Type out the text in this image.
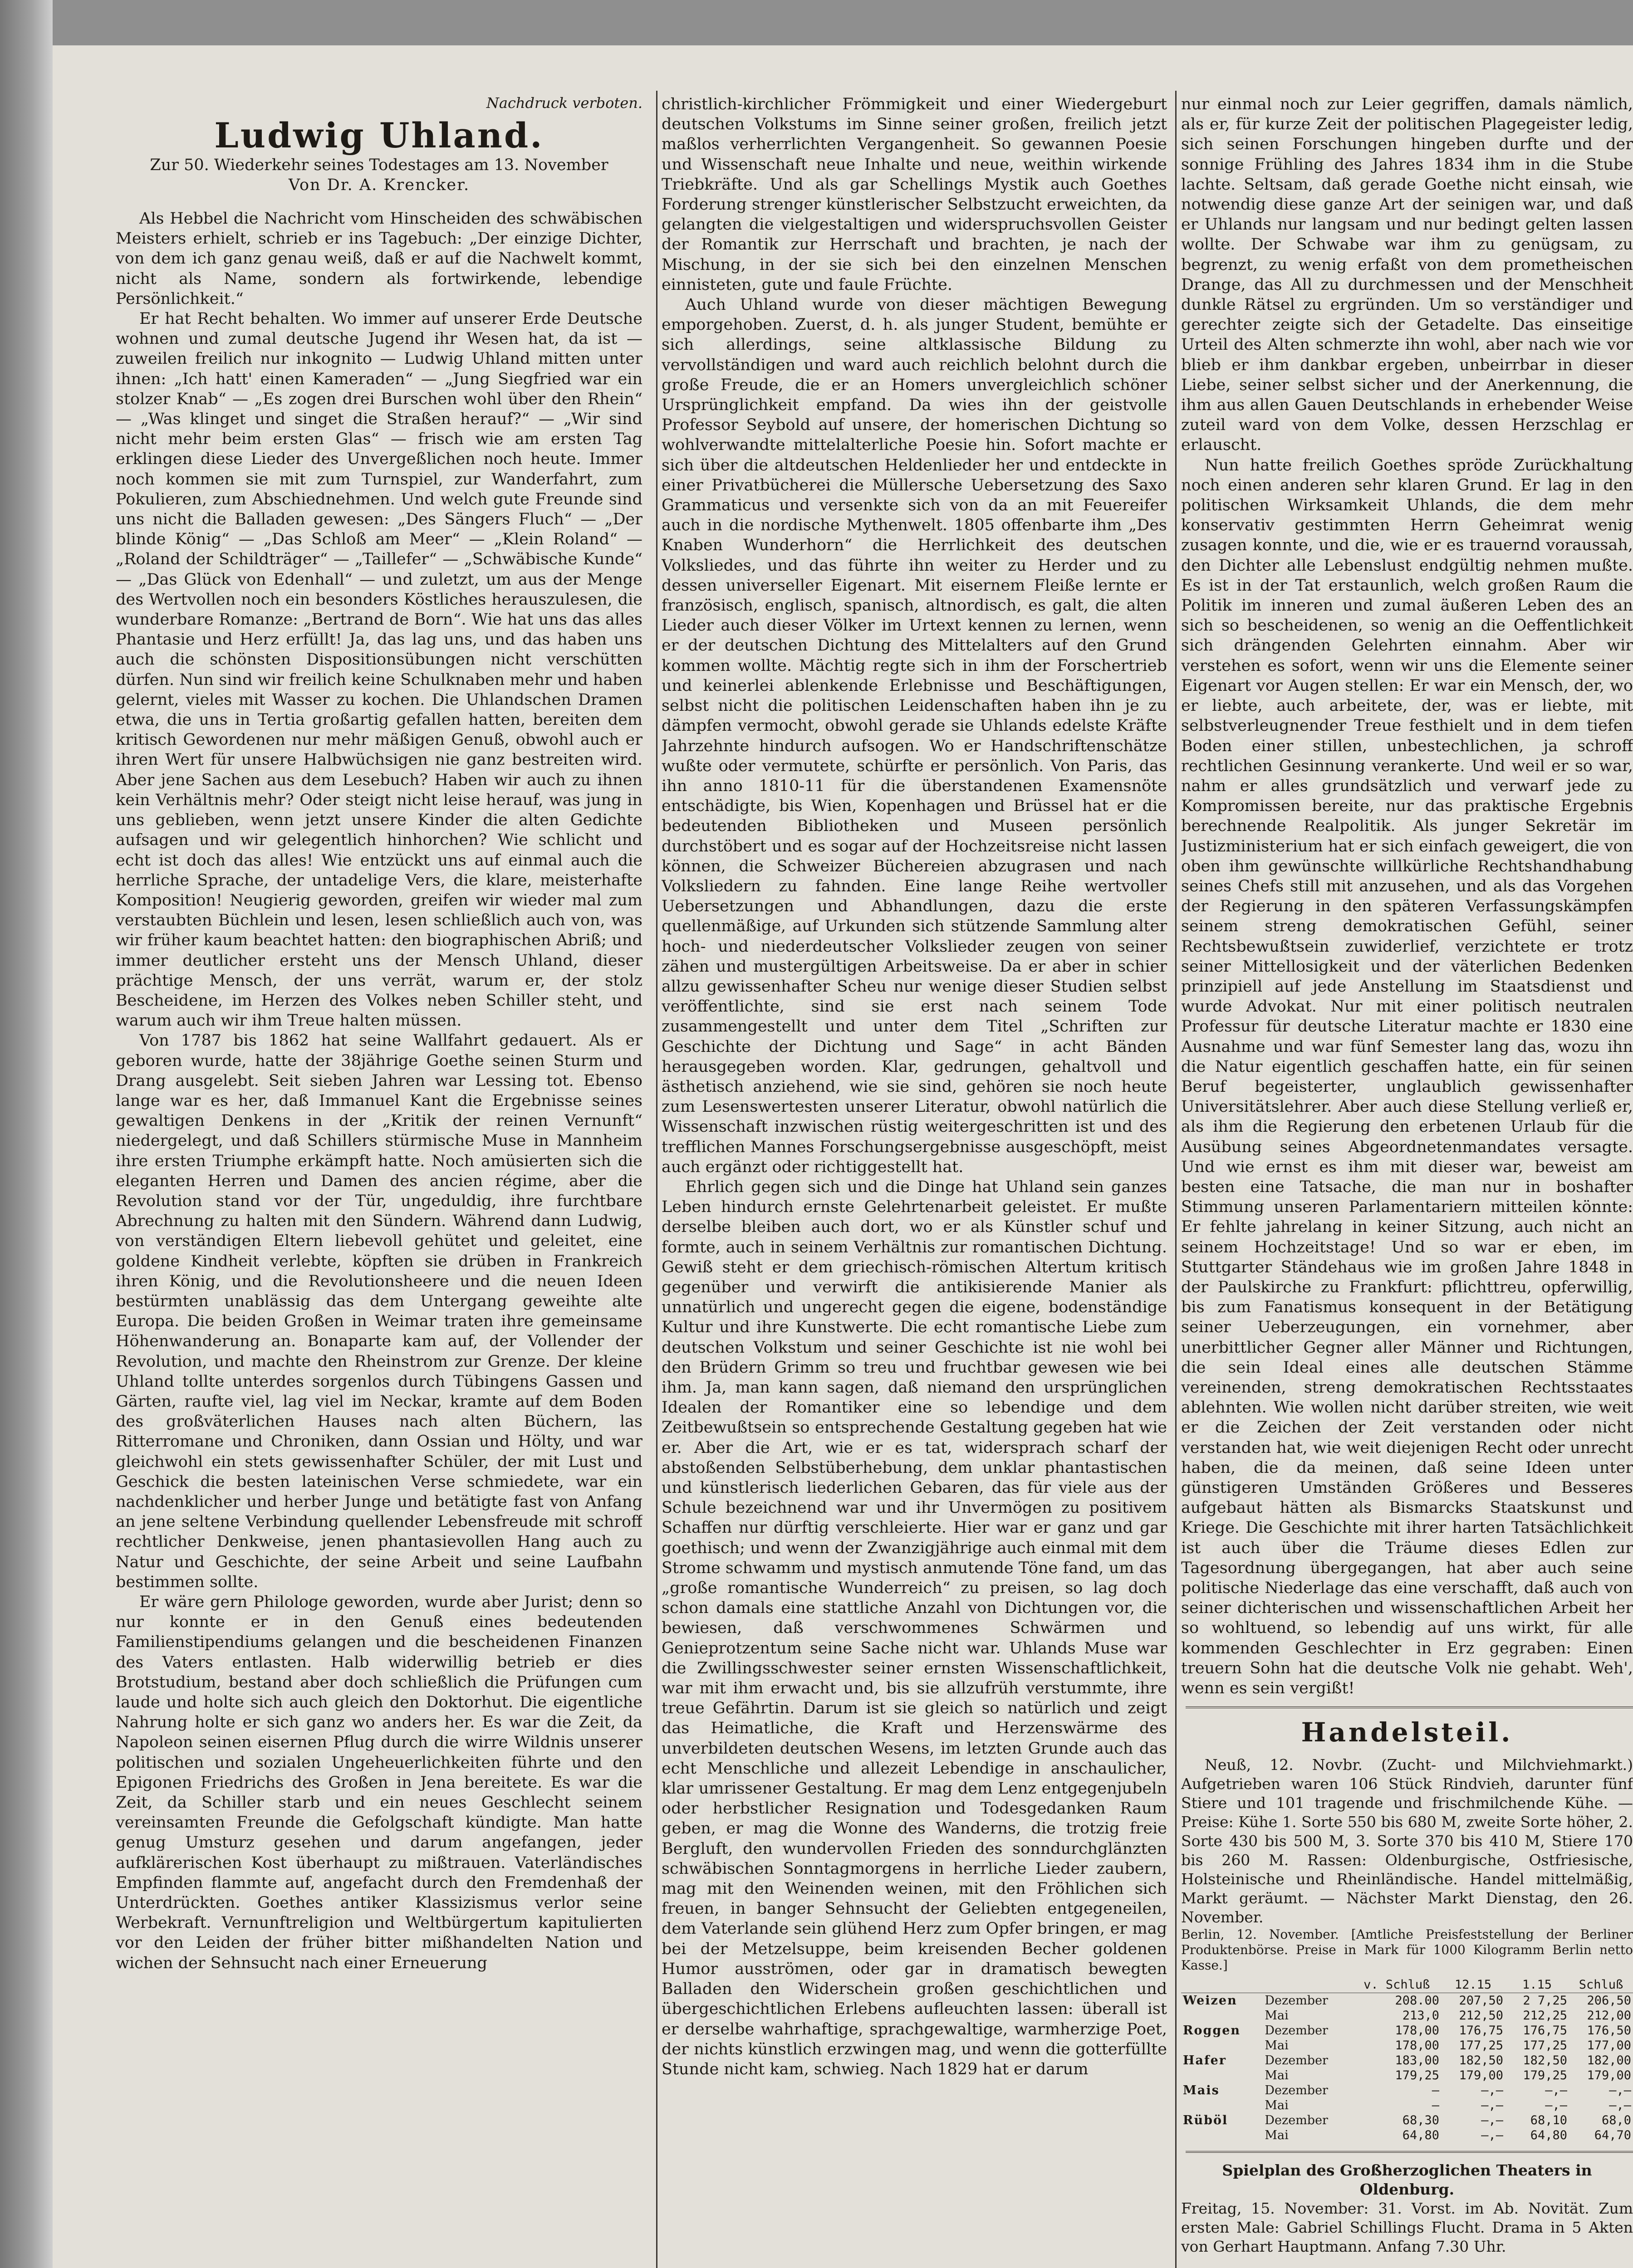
Nachdruck verboten.
Ludwig Uhland.
Zur 50. Wiederkehr seines Todestages am 13. November
Von Dr. A. Krencker.

Als Hebbel die Nachricht vom Hinscheiden des schwäbischen Meisters erhielt, schrieb er ins Tagebuch: „Der einzige Dichter, von dem ich ganz genau weiß, daß er auf die Nachwelt kommt, nicht als Name, sondern als fortwirkende, lebendige Persönlichkeit.“

Er hat Recht behalten. Wo immer auf unserer Erde Deutsche wohnen und zumal deutsche Jugend ihr Wesen hat, da ist — zuweilen freilich nur inkognito — Ludwig Uhland mitten unter ihnen: „Ich hatt' einen Kameraden“ — „Jung Siegfried war ein stolzer Knab“ — „Es zogen drei Burschen wohl über den Rhein“ — „Was klinget und singet die Straßen herauf?“ — „Wir sind nicht mehr beim ersten Glas“ — frisch wie am ersten Tag erklingen diese Lieder des Unvergeßlichen noch heute. Immer noch kommen sie mit zum Turnspiel, zur Wanderfahrt, zum Pokulieren, zum Abschiednehmen. Und welch gute Freunde sind uns nicht die Balladen gewesen: „Des Sängers Fluch“ — „Der blinde König“ — „Das Schloß am Meer“ — „Klein Roland“ — „Roland der Schildträger“ — „Taillefer“ — „Schwäbische Kunde“ — „Das Glück von Edenhall“ — und zuletzt, um aus der Menge des Wertvollen noch ein besonders Köstliches herauszulesen, die wunderbare Romanze: „Bertrand de Born“. Wie hat uns das alles Phantasie und Herz erfüllt! Ja, das lag uns, und das haben uns auch die schönsten Dispositionsübungen nicht verschütten dürfen. Nun sind wir freilich keine Schulknaben mehr und haben gelernt, vieles mit Wasser zu kochen. Die Uhlandschen Dramen etwa, die uns in Tertia großartig gefallen hatten, bereiten dem kritisch Gewordenen nur mehr mäßigen Genuß, obwohl auch er ihren Wert für unsere Halbwüchsigen nie ganz bestreiten wird. Aber jene Sachen aus dem Lesebuch? Haben wir auch zu ihnen kein Verhältnis mehr? Oder steigt nicht leise herauf, was jung in uns geblieben, wenn jetzt unsere Kinder die alten Gedichte aufsagen und wir gelegentlich hinhorchen? Wie schlicht und echt ist doch das alles! Wie entzückt uns auf einmal auch die herrliche Sprache, der untadelige Vers, die klare, meisterhafte Komposition! Neugierig geworden, greifen wir wieder mal zum verstaubten Büchlein und lesen, lesen schließlich auch von, was wir früher kaum beachtet hatten: den biographischen Abriß; und immer deutlicher ersteht uns der Mensch Uhland, dieser prächtige Mensch, der uns verrät, warum er, der stolz Bescheidene, im Herzen des Volkes neben Schiller steht, und warum auch wir ihm Treue halten müssen.

Von 1787 bis 1862 hat seine Wallfahrt gedauert. Als er geboren wurde, hatte der 38jährige Goethe seinen Sturm und Drang ausgelebt. Seit sieben Jahren war Lessing tot. Ebenso lange war es her, daß Immanuel Kant die Ergebnisse seines gewaltigen Denkens in der „Kritik der reinen Vernunft“ niedergelegt, und daß Schillers stürmische Muse in Mannheim ihre ersten Triumphe erkämpft hatte. Noch amüsierten sich die eleganten Herren und Damen des ancien régime, aber die Revolution stand vor der Tür, ungeduldig, ihre furchtbare Abrechnung zu halten mit den Sündern. Während dann Ludwig, von verständigen Eltern liebevoll gehütet und geleitet, eine goldene Kindheit verlebte, köpften sie drüben in Frankreich ihren König, und die Revolutionsheere und die neuen Ideen bestürmten unablässig das dem Untergang geweihte alte Europa. Die beiden Großen in Weimar traten ihre gemeinsame Höhenwanderung an. Bonaparte kam auf, der Vollender der Revolution, und machte den Rheinstrom zur Grenze. Der kleine Uhland tollte unterdes sorgenlos durch Tübingens Gassen und Gärten, raufte viel, lag viel im Neckar, kramte auf dem Boden des großväterlichen Hauses nach alten Büchern, las Ritterromane und Chroniken, dann Ossian und Hölty, und war gleichwohl ein stets gewissenhafter Schüler, der mit Lust und Geschick die besten lateinischen Verse schmiedete, war ein nachdenklicher und herber Junge und betätigte fast von Anfang an jene seltene Verbindung quellender Lebensfreude mit schroff rechtlicher Denkweise, jenen phantasievollen Hang auch zu Natur und Geschichte, der seine Arbeit und seine Laufbahn bestimmen sollte.

Er wäre gern Philologe geworden, wurde aber Jurist; denn so nur konnte er in den Genuß eines bedeutenden Familienstipendiums gelangen und die bescheidenen Finanzen des Vaters entlasten. Halb widerwillig betrieb er dies Brotstudium, bestand aber doch schließlich die Prüfungen cum laude und holte sich auch gleich den Doktorhut. Die eigentliche Nahrung holte er sich ganz wo anders her. Es war die Zeit, da Napoleon seinen eisernen Pflug durch die wirre Wildnis unserer politischen und sozialen Ungeheuerlichkeiten führte und den Epigonen Friedrichs des Großen in Jena bereitete. Es war die Zeit, da Schiller starb und ein neues Geschlecht seinem vereinsamten Freunde die Gefolgschaft kündigte. Man hatte genug Umsturz gesehen und darum angefangen, jeder aufklärerischen Kost überhaupt zu mißtrauen. Vaterländisches Empfinden flammte auf, angefacht durch den Fremdenhaß der Unterdrückten. Goethes antiker Klassizismus verlor seine Werbekraft. Vernunftreligion und Weltbürgertum kapitulierten vor den Leiden der früher bitter mißhandelten Nation und wichen der Sehnsucht nach einer Erneuerung

christlich-kirchlicher Frömmigkeit und einer Wiedergeburt deutschen Volkstums im Sinne seiner großen, freilich jetzt maßlos verherrlichten Vergangenheit. So gewannen Poesie und Wissenschaft neue Inhalte und neue, weithin wirkende Triebkräfte. Und als gar Schellings Mystik auch Goethes Forderung strenger künstlerischer Selbstzucht erweichten, da gelangten die vielgestaltigen und widerspruchsvollen Geister der Romantik zur Herrschaft und brachten, je nach der Mischung, in der sie sich bei den einzelnen Menschen einnisteten, gute und faule Früchte.

Auch Uhland wurde von dieser mächtigen Bewegung emporgehoben. Zuerst, d. h. als junger Student, bemühte er sich allerdings, seine altklassische Bildung zu vervollständigen und ward auch reichlich belohnt durch die große Freude, die er an Homers unvergleichlich schöner Ursprünglichkeit empfand. Da wies ihn der geistvolle Professor Seybold auf unsere, der homerischen Dichtung so wohlverwandte mittelalterliche Poesie hin. Sofort machte er sich über die altdeutschen Heldenlieder her und entdeckte in einer Privatbücherei die Müllersche Uebersetzung des Saxo Grammaticus und versenkte sich von da an mit Feuereifer auch in die nordische Mythenwelt. 1805 offenbarte ihm „Des Knaben Wunderhorn“ die Herrlichkeit des deutschen Volksliedes, und das führte ihn weiter zu Herder und zu dessen universeller Eigenart. Mit eisernem Fleiße lernte er französisch, englisch, spanisch, altnordisch, es galt, die alten Lieder auch dieser Völker im Urtext kennen zu lernen, wenn er der deutschen Dichtung des Mittelalters auf den Grund kommen wollte. Mächtig regte sich in ihm der Forschertrieb und keinerlei ablenkende Erlebnisse und Beschäftigungen, selbst nicht die politischen Leidenschaften haben ihn je zu dämpfen vermocht, obwohl gerade sie Uhlands edelste Kräfte Jahrzehnte hindurch aufsogen. Wo er Handschriftenschätze wußte oder vermutete, schürfte er persönlich. Von Paris, das ihn anno 1810-11 für die überstandenen Examensnöte entschädigte, bis Wien, Kopenhagen und Brüssel hat er die bedeutenden Bibliotheken und Museen persönlich durchstöbert und es sogar auf der Hochzeitsreise nicht lassen können, die Schweizer Büchereien abzugrasen und nach Volksliedern zu fahnden. Eine lange Reihe wertvoller Uebersetzungen und Abhandlungen, dazu die erste quellenmäßige, auf Urkunden sich stützende Sammlung alter hoch- und niederdeutscher Volkslieder zeugen von seiner zähen und mustergültigen Arbeitsweise. Da er aber in schier allzu gewissenhafter Scheu nur wenige dieser Studien selbst veröffentlichte, sind sie erst nach seinem Tode zusammengestellt und unter dem Titel „Schriften zur Geschichte der Dichtung und Sage“ in acht Bänden herausgegeben worden. Klar, gedrungen, gehaltvoll und ästhetisch anziehend, wie sie sind, gehören sie noch heute zum Lesenswertesten unserer Literatur, obwohl natürlich die Wissenschaft inzwischen rüstig weitergeschritten ist und des trefflichen Mannes Forschungsergebnisse ausgeschöpft, meist auch ergänzt oder richtiggestellt hat.

Ehrlich gegen sich und die Dinge hat Uhland sein ganzes Leben hindurch ernste Gelehrtenarbeit geleistet. Er mußte derselbe bleiben auch dort, wo er als Künstler schuf und formte, auch in seinem Verhältnis zur romantischen Dichtung. Gewiß steht er dem griechisch-römischen Altertum kritisch gegenüber und verwirft die antikisierende Manier als unnatürlich und ungerecht gegen die eigene, bodenständige Kultur und ihre Kunstwerte. Die echt romantische Liebe zum deutschen Volkstum und seiner Geschichte ist nie wohl bei den Brüdern Grimm so treu und fruchtbar gewesen wie bei ihm. Ja, man kann sagen, daß niemand den ursprünglichen Idealen der Romantiker eine so lebendige und dem Zeitbewußtsein so entsprechende Gestaltung gegeben hat wie er. Aber die Art, wie er es tat, widersprach scharf der abstoßenden Selbstüberhebung, dem unklar phantastischen und künstlerisch liederlichen Gebaren, das für viele aus der Schule bezeichnend war und ihr Unvermögen zu positivem Schaffen nur dürftig verschleierte. Hier war er ganz und gar goethisch; und wenn der Zwanzigjährige auch einmal mit dem Strome schwamm und mystisch anmutende Töne fand, um das „große romantische Wunderreich“ zu preisen, so lag doch schon damals eine stattliche Anzahl von Dichtungen vor, die bewiesen, daß verschwommenes Schwärmen und Genieprotzentum seine Sache nicht war. Uhlands Muse war die Zwillingsschwester seiner ernsten Wissenschaftlichkeit, war mit ihm erwacht und, bis sie allzufrüh verstummte, ihre treue Gefährtin. Darum ist sie gleich so natürlich und zeigt das Heimatliche, die Kraft und Herzenswärme des unverbildeten deutschen Wesens, im letzten Grunde auch das echt Menschliche und allezeit Lebendige in anschaulicher, klar umrissener Gestaltung. Er mag dem Lenz entgegenjubeln oder herbstlicher Resignation und Todesgedanken Raum geben, er mag die Wonne des Wanderns, die trotzig freie Bergluft, den wundervollen Frieden des sonndurchglänzten schwäbischen Sonntagmorgens in herrliche Lieder zaubern, mag mit den Weinenden weinen, mit den Fröhlichen sich freuen, in banger Sehnsucht der Geliebten entgegeneilen, dem Vaterlande sein glühend Herz zum Opfer bringen, er mag bei der Metzelsuppe, beim kreisenden Becher goldenen Humor ausströmen, oder gar in dramatisch bewegten Balladen den Widerschein großen geschichtlichen und übergeschichtlichen Erlebens aufleuchten lassen: überall ist er derselbe wahrhaftige, sprachgewaltige, warmherzige Poet, der nichts künstlich erzwingen mag, und wenn die gotterfüllte Stunde nicht kam, schwieg. Nach 1829 hat er darum

nur einmal noch zur Leier gegriffen, damals nämlich, als er, für kurze Zeit der politischen Plagegeister ledig, sich seinen Forschungen hingeben durfte und der sonnige Frühling des Jahres 1834 ihm in die Stube lachte. Seltsam, daß gerade Goethe nicht einsah, wie notwendig diese ganze Art der seinigen war, und daß er Uhlands nur langsam und nur bedingt gelten lassen wollte. Der Schwabe war ihm zu genügsam, zu begrenzt, zu wenig erfaßt von dem prometheischen Drange, das All zu durchmessen und der Menschheit dunkle Rätsel zu ergründen. Um so verständiger und gerechter zeigte sich der Getadelte. Das einseitige Urteil des Alten schmerzte ihn wohl, aber nach wie vor blieb er ihm dankbar ergeben, unbeirrbar in dieser Liebe, seiner selbst sicher und der Anerkennung, die ihm aus allen Gauen Deutschlands in erhebender Weise zuteil ward von dem Volke, dessen Herzschlag er erlauscht.

Nun hatte freilich Goethes spröde Zurückhaltung noch einen anderen sehr klaren Grund. Er lag in den politischen Wirksamkeit Uhlands, die dem mehr konservativ gestimmten Herrn Geheimrat wenig zusagen konnte, und die, wie er es trauernd voraussah, den Dichter alle Lebenslust endgültig nehmen mußte. Es ist in der Tat erstaunlich, welch großen Raum die Politik im inneren und zumal äußeren Leben des an sich so bescheidenen, so wenig an die Oeffentlichkeit sich drängenden Gelehrten einnahm. Aber wir verstehen es sofort, wenn wir uns die Elemente seiner Eigenart vor Augen stellen: Er war ein Mensch, der, wo er liebte, auch arbeitete, der, was er liebte, mit selbstverleugnender Treue festhielt und in dem tiefen Boden einer stillen, unbestechlichen, ja schroff rechtlichen Gesinnung verankerte. Und weil er so war, nahm er alles grundsätzlich und verwarf jede zu Kompromissen bereite, nur das praktische Ergebnis berechnende Realpolitik. Als junger Sekretär im Justizministerium hat er sich einfach geweigert, die von oben ihm gewünschte willkürliche Rechtshandhabung seines Chefs still mit anzusehen, und als das Vorgehen der Regierung in den späteren Verfassungskämpfen seinem streng demokratischen Gefühl, seiner Rechtsbewußtsein zuwiderlief, verzichtete er trotz seiner Mittellosigkeit und der väterlichen Bedenken prinzipiell auf jede Anstellung im Staatsdienst und wurde Advokat. Nur mit einer politisch neutralen Professur für deutsche Literatur machte er 1830 eine Ausnahme und war fünf Semester lang das, wozu ihn die Natur eigentlich geschaffen hatte, ein für seinen Beruf begeisterter, unglaublich gewissenhafter Universitätslehrer. Aber auch diese Stellung verließ er, als ihm die Regierung den erbetenen Urlaub für die Ausübung seines Abgeordnetenmandates versagte. Und wie ernst es ihm mit dieser war, beweist am besten eine Tatsache, die man nur in boshafter Stimmung unseren Parlamentariern mitteilen könnte: Er fehlte jahrelang in keiner Sitzung, auch nicht an seinem Hochzeitstage! Und so war er eben, im Stuttgarter Ständehaus wie im großen Jahre 1848 in der Paulskirche zu Frankfurt: pflichttreu, opferwillig, bis zum Fanatismus konsequent in der Betätigung seiner Ueberzeugungen, ein vornehmer, aber unerbittlicher Gegner aller Männer und Richtungen, die sein Ideal eines alle deutschen Stämme vereinenden, streng demokratischen Rechtsstaates ablehnten. Wie wollen nicht darüber streiten, wie weit er die Zeichen der Zeit verstanden oder nicht verstanden hat, wie weit diejenigen Recht oder unrecht haben, die da meinen, daß seine Ideen unter günstigeren Umständen Größeres und Besseres aufgebaut hätten als Bismarcks Staatskunst und Kriege. Die Geschichte mit ihrer harten Tatsächlichkeit ist auch über die Träume dieses Edlen zur Tagesordnung übergegangen, hat aber auch seine politische Niederlage das eine verschafft, daß auch von seiner dichterischen und wissenschaftlichen Arbeit her so wohltuend, so lebendig auf uns wirkt, für alle kommenden Geschlechter in Erz gegraben: Einen treuern Sohn hat die deutsche Volk nie gehabt. Weh', wenn es sein vergißt!

Handelsteil.

Neuß, 12. Novbr. (Zucht- und Milchviehmarkt.) Aufgetrieben waren 106 Stück Rindvieh, darunter fünf Stiere und 101 tragende und frischmilchende Kühe. — Preise: Kühe 1. Sorte 550 bis 680 M, zweite Sorte höher, 2. Sorte 430 bis 500 M, 3. Sorte 370 bis 410 M, Stiere 170 bis 260 M. Rassen: Oldenburgische, Ostfriesische, Holsteinische und Rheinländische. Handel mittelmäßig, Markt geräumt. — Nächster Markt Dienstag, den 26. November.

Berlin, 12. November. [Amtliche Preisfeststellung der Berliner Produktenbörse. Preise in Mark für 1000 Kilogramm Berlin netto Kasse.]
		v. Schluß	12.15	1.15	Schluß
Weizen	Dezember	208.00	207,50	2 7,25	206,50
	Mai	213,0	212,50	212,25	212,00
Roggen	Dezember	178,00	176,75	176,75	176,50
	Mai	178,00	177,25	177,25	177,00
Hafer	Dezember	183,00	182,50	182,50	182,00
	Mai	179,25	179,00	179,25	179,00
Mais	Dezember	—	—,—	—,—	—,—
	Mai	—	—,—	—,—	—,—
Rüböl	Dezember	68,30	—,—	68,10	68,0
	Mai	64,80	—,—	64,80	64,70
Spielplan des Großherzoglichen Theaters in Oldenburg.
Freitag, 15. November: 31. Vorst. im Ab. Novität. Zum ersten Male: Gabriel Schillings Flucht. Drama in 5 Akten von Gerhart Hauptmann. Anfang 7.30 Uhr.
